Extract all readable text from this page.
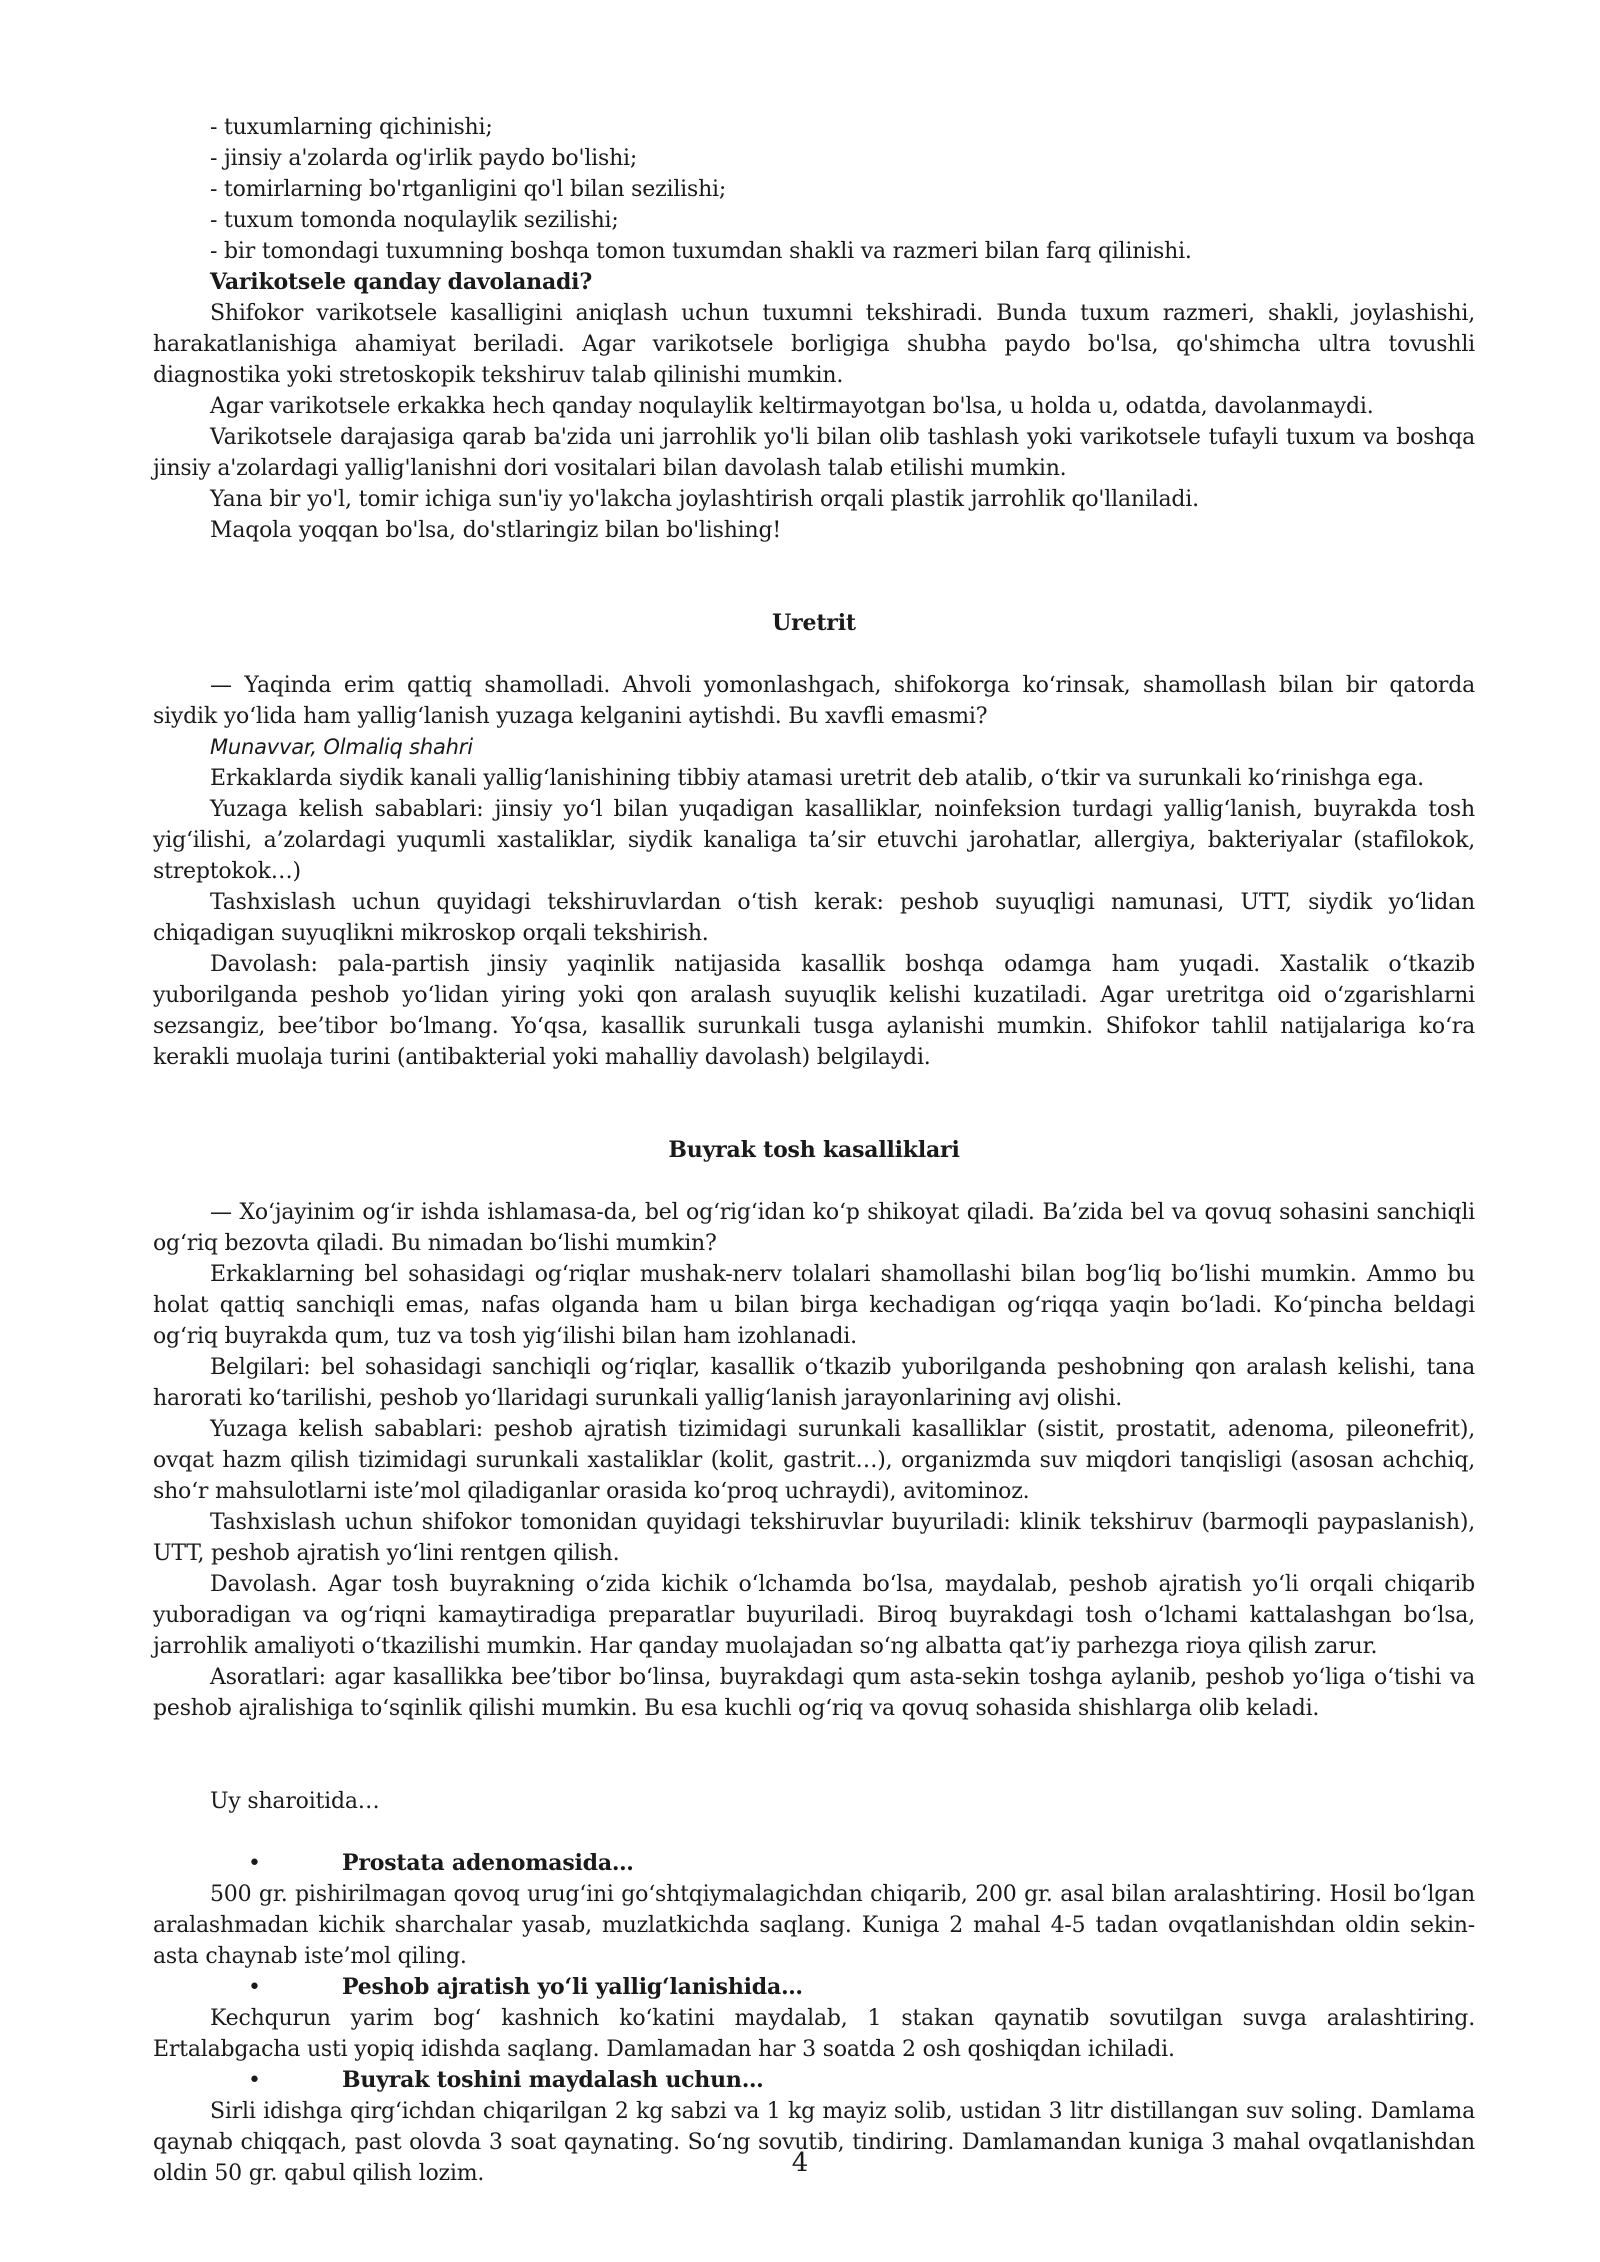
- tuxumlarning qichinishi;

- jinsiy a'zolarda og'irlik paydo bo'lishi;

- tomirlarning bo'rtganligini qo'l bilan sezilishi;

- tuxum tomonda noqulaylik sezilishi;

- bir tomondagi tuxumning boshqa tomon tuxumdan shakli va razmeri bilan farq qilinishi.

Varikotsele qanday davolanadi?

Shifokor varikotsele kasalligini aniqlash uchun tuxumni tekshiradi. Bunda tuxum razmeri, shakli, joylashishi, harakatlanishiga ahamiyat beriladi. Agar varikotsele borligiga shubha paydo bo'lsa, qo'shimcha ultra tovushli diagnostika yoki stretoskopik tekshiruv talab qilinishi mumkin.

Agar varikotsele erkakka hech qanday noqulaylik keltirmayotgan bo'lsa, u holda u, odatda, davolanmaydi.

Varikotsele darajasiga qarab ba'zida uni jarrohlik yo'li bilan olib tashlash yoki varikotsele tufayli tuxum va boshqa jinsiy a'zolardagi yallig'lanishni dori vositalari bilan davolash talab etilishi mumkin.

Yana bir yo'l, tomir ichiga sun'iy yo'lakcha joylashtirish orqali plastik jarrohlik qo'llaniladi.

Maqola yoqqan bo'lsa, do'stlaringiz bilan bo'lishing!

Uretrit

— Yaqinda erim qattiq shamolladi. Ahvoli yomonlashgach, shifokorga ko‘rinsak, shamollash bilan bir qatorda siydik yo‘lida ham yallig‘lanish yuzaga kelganini aytishdi. Bu xavfli emasmi?

Munavvar, Olmaliq shahri

Erkaklarda siydik kanali yallig‘lanishining tibbiy atamasi uretrit deb atalib, o‘tkir va surunkali ko‘rinishga ega.

Yuzaga kelish sabablari: jinsiy yo‘l bilan yuqadigan kasalliklar, noinfeksion turdagi yallig‘lanish, buyrakda tosh yig‘ilishi, a’zolardagi yuqumli xastaliklar, siydik kanaliga ta’sir etuvchi jarohatlar, allergiya, bakteriyalar (stafilokok, streptokok…)

Tashxislash uchun quyidagi tekshiruvlardan o‘tish kerak: peshob suyuqligi namunasi, UTT, siydik yo‘lidan chiqadigan suyuqlikni mikroskop orqali tekshirish.

Davolash: pala-partish jinsiy yaqinlik natijasida kasallik boshqa odamga ham yuqadi. Xastalik o‘tkazib yuborilganda peshob yo‘lidan yiring yoki qon aralash suyuqlik kelishi kuzatiladi. Agar uretritga oid o‘zgarishlarni sezsangiz, bee’tibor bo‘lmang. Yo‘qsa, kasallik surunkali tusga aylanishi mumkin. Shifokor tahlil natijalariga ko‘ra kerakli muolaja turini (antibakterial yoki mahalliy davolash) belgilaydi.

Buyrak tosh kasalliklari

— Xo‘jayinim og‘ir ishda ishlamasa-da, bel og‘rig‘idan ko‘p shikoyat qiladi. Ba’zida bel va qovuq sohasini sanchiqli og‘riq bezovta qiladi. Bu nimadan bo‘lishi mumkin?

Erkaklarning bel sohasidagi og‘riqlar mushak-nerv tolalari shamollashi bilan bog‘liq bo‘lishi mumkin. Ammo bu holat qattiq sanchiqli emas, nafas olganda ham u bilan birga kechadigan og‘riqqa yaqin bo‘ladi. Ko‘pincha beldagi og‘riq buyrakda qum, tuz va tosh yig‘ilishi bilan ham izohlanadi.

Belgilari: bel sohasidagi sanchiqli og‘riqlar, kasallik o‘tkazib yuborilganda peshobning qon aralash kelishi, tana harorati ko‘tarilishi, peshob yo‘llaridagi surunkali yallig‘lanish jarayonlarining avj olishi.

Yuzaga kelish sabablari: peshob ajratish tizimidagi surunkali kasalliklar (sistit, prostatit, adenoma, pileonefrit), ovqat hazm qilish tizimidagi surunkali xastaliklar (kolit, gastrit…), organizmda suv miqdori tanqisligi (asosan achchiq, sho‘r mahsulotlarni iste’mol qiladiganlar orasida ko‘proq uchraydi), avitominoz.

Tashxislash uchun shifokor tomonidan quyidagi tekshiruvlar buyuriladi: klinik tekshiruv (barmoqli paypaslanish), UTT, peshob ajratish yo‘lini rentgen qilish.

Davolash. Agar tosh buyrakning o‘zida kichik o‘lchamda bo‘lsa, maydalab, peshob ajratish yo‘li orqali chiqarib yuboradigan va og‘riqni kamaytiradiga preparatlar buyuriladi. Biroq buyrakdagi tosh o‘lchami kattalashgan bo‘lsa, jarrohlik amaliyoti o‘tkazilishi mumkin. Har qanday muolajadan so‘ng albatta qat’iy parhezga rioya qilish zarur.

Asoratlari: agar kasallikka bee’tibor bo‘linsa, buyrakdagi qum asta-sekin toshga aylanib, peshob yo‘liga o‘tishi va peshob ajralishiga to‘sqinlik qilishi mumkin. Bu esa kuchli og‘riq va qovuq sohasida shishlarga olib keladi.

Uy sharoitida…

•	Prostata adenomasida…

500 gr. pishirilmagan qovoq urug‘ini go‘shtqiymalagichdan chiqarib, 200 gr. asal bilan aralashtiring. Hosil bo‘lgan aralashmadan kichik sharchalar yasab, muzlatkichda saqlang. Kuniga 2 mahal 4-5 tadan ovqatlanishdan oldin sekin-asta chaynab iste’mol qiling.

•	Peshob ajratish yo‘li yallig‘lanishida…

Kechqurun yarim bog‘ kashnich ko‘katini maydalab, 1 stakan qaynatib sovutilgan suvga aralashtiring. Ertalabgacha usti yopiq idishda saqlang. Damlamadan har 3 soatda 2 osh qoshiqdan ichiladi.

•	Buyrak toshini maydalash uchun…

Sirli idishga qirg‘ichdan chiqarilgan 2 kg sabzi va 1 kg mayiz solib, ustidan 3 litr distillangan suv soling. Damlama qaynab chiqqach, past olovda 3 soat qaynating. So‘ng sovutib, tindiring. Damlamandan kuniga 3 mahal ovqatlanishdan oldin 50 gr. qabul qilish lozim.	4
